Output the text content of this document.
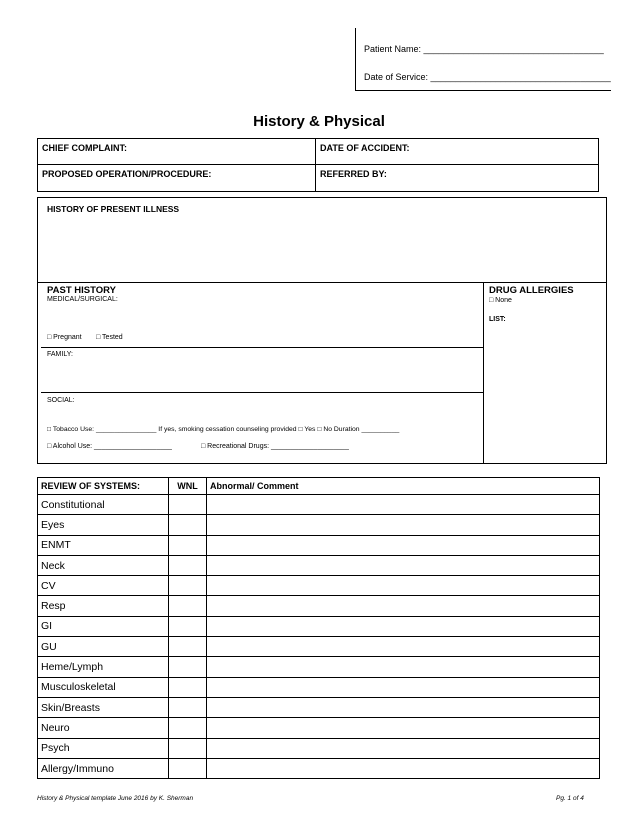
Patient Name: ____________________________________
Date of Service: ____________________________________
History & Physical
CHIEF COMPLAINT:	DATE OF ACCIDENT:
PROPOSED OPERATION/PROCEDURE:	REFERRED BY:
HISTORY OF PRESENT ILLNESS
PAST HISTORY
MEDICAL/SURGICAL:
□ Pregnant □ Tested
FAMILY:
SOCIAL:
□ Tobacco Use: ________________ If yes, smoking cessation counseling provided □ Yes □ No Duration __________
□ Alcohol Use: ____________________	□ Recreational Drugs: ____________________
DRUG ALLERGIES
□ None
LIST:
REVIEW OF SYSTEMS:	WNL	Abnormal/ Comment
Constitutional		
Eyes		
ENMT		
Neck		
CV		
Resp		
GI		
GU		
Heme/Lymph		
Musculoskeletal		
Skin/Breasts		
Neuro		
Psych		
Allergy/Immuno		
History & Physical template June 2016 by K. Sherman	Pg. 1 of 4
